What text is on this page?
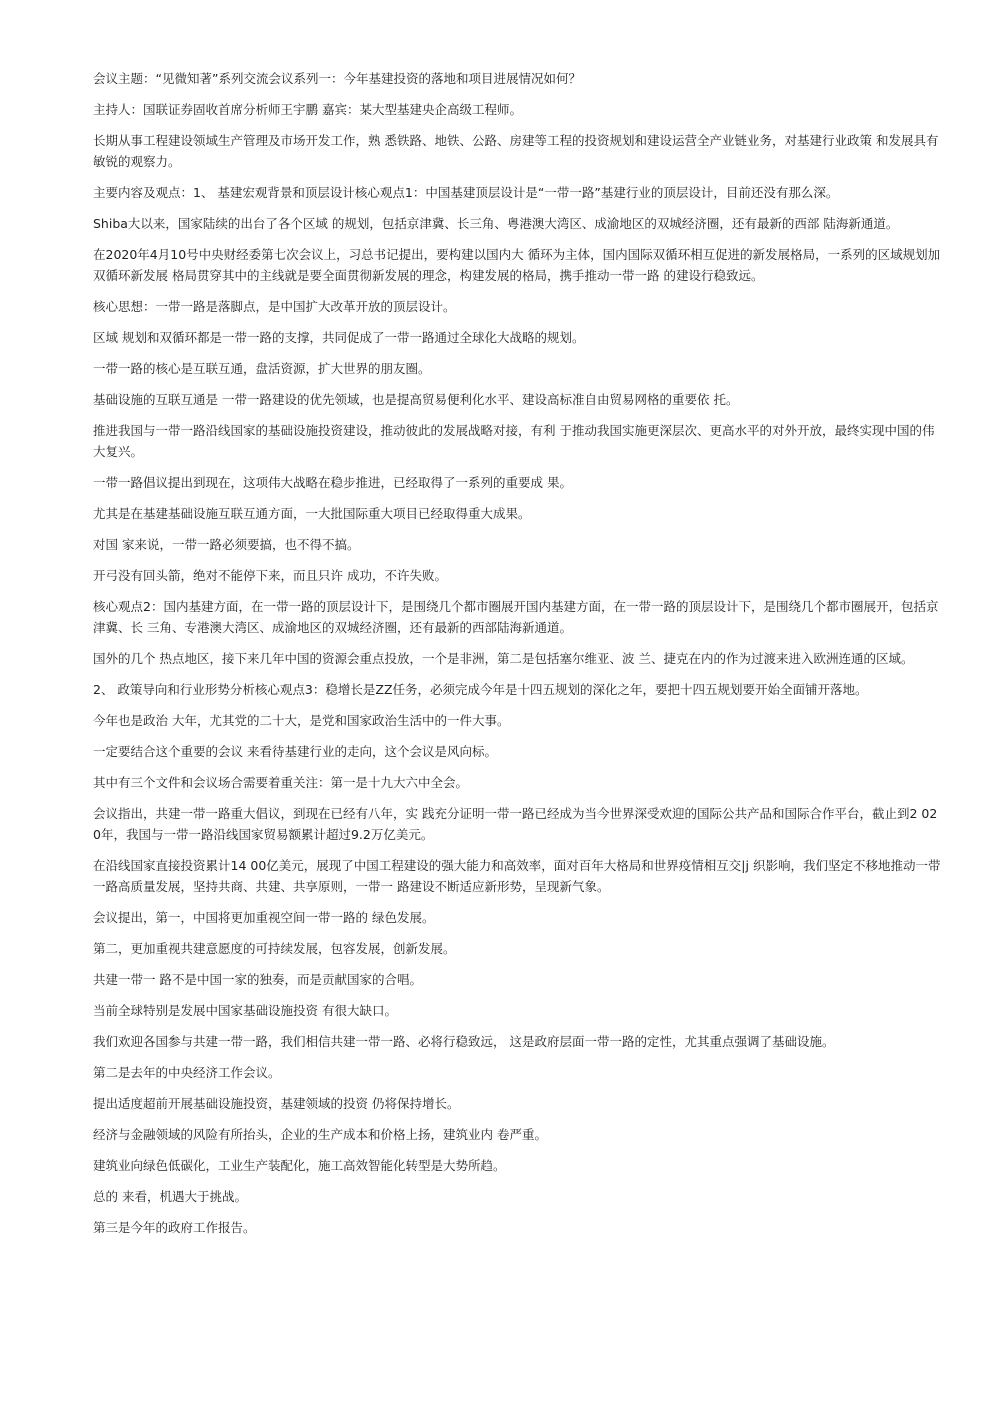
会议主题：“见微知著”系列交流会议系列一：今年基建投资的落地和项目进展情况如何？

主持人：国联证券固收首席分析师王宇鹏 嘉宾：某大型基建央企高级工程师。

长期从事工程建设领域生产管理及市场开发工作，熟 悉铁路、地铁、公路、房建等工程的投资规划和建设运营全产业链业务，对基建行业政策 和发展具有敏锐的观察力。

主要内容及观点：1、 基建宏观背景和顶层设计核心观点1：中国基建顶层设计是“一带一路”基建行业的顶层设计，目前还没有那么深。

Shiba大以来，国家陆续的出台了各个区域 的规划，包括京津冀、长三角、粤港澳大湾区、成渝地区的双城经济圈，还有最新的西部 陆海新通道。

在2020年4月10号中央财经委第七次会议上，习总书记提出，要构建以国内大 循环为主体，国内国际双循环相互促进的新发展格局，一系列的区域规划加双循环新发展 格局贯穿其中的主线就是要全面贯彻新发展的理念，构建发展的格局，携手推动一带一路 的建设行稳致远。

核心思想：一带一路是落脚点，是中国扩大改革开放的顶层设计。

区域 规划和双循环都是一带一路的支撑，共同促成了一带一路通过全球化大战略的规划。

一带一路的核心是互联互通，盘活资源，扩大世界的朋友圈。

基础设施的互联互通是 一带一路建设的优先领域，也是提高贸易便利化水平、建设高标准自由贸易网格的重要依 托。

推进我国与一带一路沿线国家的基础设施投资建设，推动彼此的发展战略对接，有利 于推动我国实施更深层次、更高水平的对外开放，最终实现中国的伟大复兴。

一带一路倡议提出到现在，这项伟大战略在稳步推进，已经取得了一系列的重要成 果。

尤其是在基建基础设施互联互通方面，一大批国际重大项目已经取得重大成果。

对国 家来说，一带一路必须要搞，也不得不搞。

开弓没有回头箭，绝对不能停下来，而且只许 成功，不许失败。

核心观点2：国内基建方面，在一带一路的顶层设计下，是围绕几个都市圈展开国内基建方面，在一带一路的顶层设计下，是围绕几个都市圈展开，包括京津冀、长 三角、专港澳大湾区、成渝地区的双城经济圈，还有最新的西部陆海新通道。

国外的几个 热点地区，接下来几年中国的资源会重点投放，一个是非洲，第二是包括塞尔维亚、波 兰、捷克在内的作为过渡来进入欧洲连通的区域。

2、 政策导向和行业形势分析核心观点3：稳增长是ZZ任务，必须完成今年是十四五规划的深化之年，要把十四五规划要开始全面铺开落地。

今年也是政治 大年，尤其党的二十大，是党和国家政治生活中的一件大事。

一定要结合这个重要的会议 来看待基建行业的走向，这个会议是风向标。

其中有三个文件和会议场合需要着重关注：第一是十九大六中全会。

会议指出，共建一带一路重大倡议，到现在已经有八年，实 践充分证明一带一路已经成为当今世界深受欢迎的国际公共产品和国际合作平台，截止到2 020年，我国与一带一路沿线国家贸易额累计超过9.2万亿美元。

在沿线国家直接投资累计14 00亿美元，展现了中国工程建设的强大能力和高效率，面对百年大格局和世界疫情相互交|j 织影响，我们坚定不移地推动一带一路高质量发展，坚持共商、共建、共享原则，一带一 路建设不断适应新形势，呈现新气象。

会议提出，第一，中国将更加重视空间一带一路的 绿色发展。

第二，更加重视共建意愿度的可持续发展，包容发展，创新发展。

共建一带一 路不是中国一家的独奏，而是贡献国家的合唱。

当前全球特别是发展中国家基础设施投资 有很大缺口。

我们欢迎各国参与共建一带一路，我们相信共建一带一路、必将行稳致远， 这是政府层面一带一路的定性，尤其重点强调了基础设施。

第二是去年的中央经济工作会议。

提出适度超前开展基础设施投资，基建领域的投资 仍将保持增长。

经济与金融领域的风险有所抬头，企业的生产成本和价格上扬，建筑业内 卷严重。

建筑业向绿色低碳化，工业生产装配化，施工高效智能化转型是大势所趋。

总的 来看，机遇大于挑战。

第三是今年的政府工作报告。
